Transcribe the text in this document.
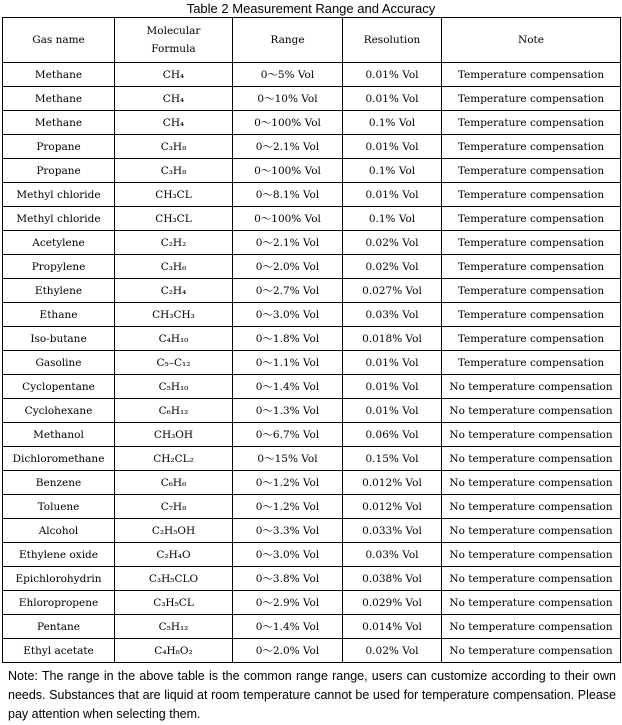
Table 2 Measurement Range and Accuracy
Gas name	Molecular Formula	Range	Resolution	Note
Methane	CH₄	0～5% Vol	0.01% Vol	Temperature compensation
Methane	CH₄	0～10% Vol	0.01% Vol	Temperature compensation
Methane	CH₄	0～100% Vol	0.1% Vol	Temperature compensation
Propane	C₃H₈	0～2.1% Vol	0.01% Vol	Temperature compensation
Propane	C₃H₈	0～100% Vol	0.1% Vol	Temperature compensation
Methyl chloride	CH₃CL	0～8.1% Vol	0.01% Vol	Temperature compensation
Methyl chloride	CH₃CL	0～100% Vol	0.1% Vol	Temperature compensation
Acetylene	C₂H₂	0～2.1% Vol	0.02% Vol	Temperature compensation
Propylene	C₃H₆	0～2.0% Vol	0.02% Vol	Temperature compensation
Ethylene	C₂H₄	0～2.7% Vol	0.027% Vol	Temperature compensation
Ethane	CH₃CH₃	0～3.0% Vol	0.03% Vol	Temperature compensation
Iso-butane	C₄H₁₀	0～1.8% Vol	0.018% Vol	Temperature compensation
Gasoline	C₅–C₁₂	0～1.1% Vol	0.01% Vol	Temperature compensation
Cyclopentane	C₅H₁₀	0～1.4% Vol	0.01% Vol	No temperature compensation
Cyclohexane	C₆H₁₂	0～1.3% Vol	0.01% Vol	No temperature compensation
Methanol	CH₃OH	0～6.7% Vol	0.06% Vol	No temperature compensation
Dichloromethane	CH₂CL₂	0～15% Vol	0.15% Vol	No temperature compensation
Benzene	C₆H₆	0～1.2% Vol	0.012% Vol	No temperature compensation
Toluene	C₇H₈	0～1.2% Vol	0.012% Vol	No temperature compensation
Alcohol	C₂H₅OH	0～3.3% Vol	0.033% Vol	No temperature compensation
Ethylene oxide	C₂H₄O	0～3.0% Vol	0.03% Vol	No temperature compensation
Epichlorohydrin	C₃H₅CLO	0～3.8% Vol	0.038% Vol	No temperature compensation
Ehloropropene	C₃H₅CL	0～2.9% Vol	0.029% Vol	No temperature compensation
Pentane	C₅H₁₂	0～1.4% Vol	0.014% Vol	No temperature compensation
Ethyl acetate	C₄H₈O₂	0～2.0% Vol	0.02% Vol	No temperature compensation
Note: The range in the above table is the common range range, users can customize according to their own needs. Substances that are liquid at room temperature cannot be used for temperature compensation. Please pay attention when selecting them.
